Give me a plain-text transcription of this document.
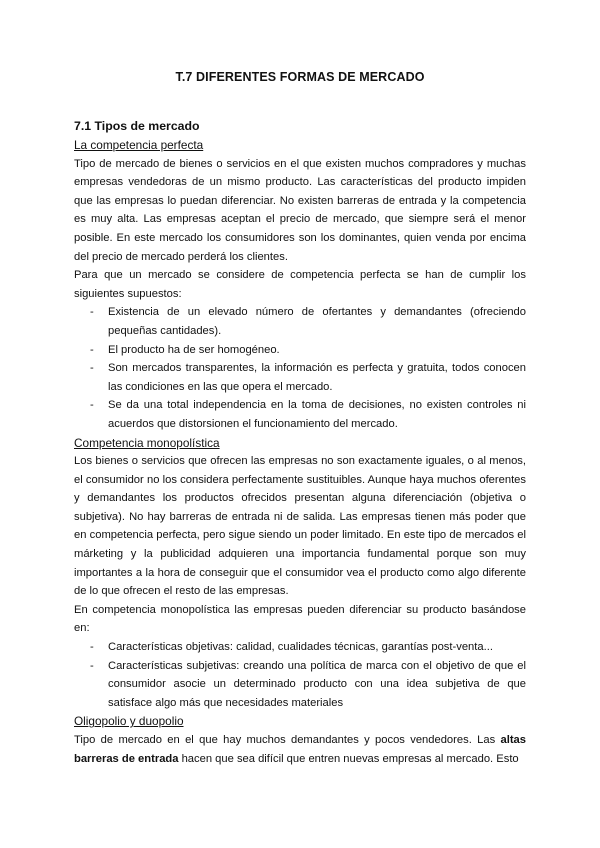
T.7 DIFERENTES FORMAS DE MERCADO
7.1 Tipos de mercado
La competencia perfecta

Tipo de mercado de bienes o servicios en el que existen muchos compradores y muchas empresas vendedoras de un mismo producto. Las características del producto impiden que las empresas lo puedan diferenciar. No existen barreras de entrada y la competencia es muy alta. Las empresas aceptan el precio de mercado, que siempre será el menor posible. En este mercado los consumidores son los dominantes, quien venda por encima del precio de mercado perderá los clientes.

Para que un mercado se considere de competencia perfecta se han de cumplir los siguientes supuestos:

- Existencia de un elevado número de ofertantes y demandantes (ofreciendo pequeñas cantidades).
- El producto ha de ser homogéneo.
- Son mercados transparentes, la información es perfecta y gratuita, todos conocen las condiciones en las que opera el mercado.
- Se da una total independencia en la toma de decisiones, no existen controles ni acuerdos que distorsionen el funcionamiento del mercado.
Competencia monopolística

Los bienes o servicios que ofrecen las empresas no son exactamente iguales, o al menos, el consumidor no los considera perfectamente sustituibles. Aunque haya muchos oferentes y demandantes los productos ofrecidos presentan alguna diferenciación (objetiva o subjetiva). No hay barreras de entrada ni de salida. Las empresas tienen más poder que en competencia perfecta, pero sigue siendo un poder limitado. En este tipo de mercados el márketing y la publicidad adquieren una importancia fundamental porque son muy importantes a la hora de conseguir que el consumidor vea el producto como algo diferente de lo que ofrecen el resto de las empresas.

En competencia monopolística las empresas pueden diferenciar su producto basándose en:

- Características objetivas: calidad, cualidades técnicas, garantías post-venta...
- Características subjetivas: creando una política de marca con el objetivo de que el consumidor asocie un determinado producto con una idea subjetiva de que satisface algo más que necesidades materiales
Oligopolio y duopolio

Tipo de mercado en el que hay muchos demandantes y pocos vendedores. Las altas barreras de entrada hacen que sea difícil que entren nuevas empresas al mercado. Esto
